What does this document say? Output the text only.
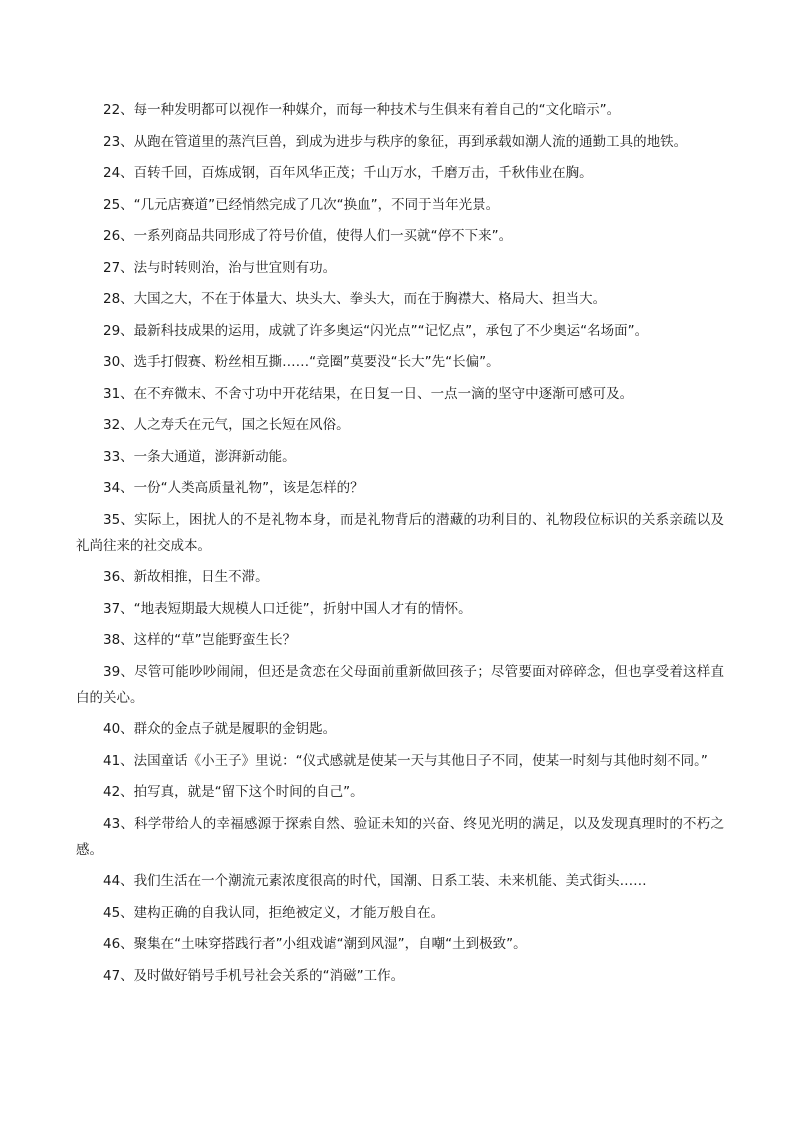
22、每一种发明都可以视作一种媒介，而每一种技术与生俱来有着自己的“文化暗示”。

23、从跑在管道里的蒸汽巨兽，到成为进步与秩序的象征，再到承载如潮人流的通勤工具的地铁。

24、百转千回，百炼成钢，百年风华正茂；千山万水，千磨万击，千秋伟业在胸。

25、“几元店赛道”已经悄然完成了几次“换血”，不同于当年光景。

26、一系列商品共同形成了符号价值，使得人们一买就“停不下来”。

27、法与时转则治，治与世宜则有功。

28、大国之大，不在于体量大、块头大、拳头大，而在于胸襟大、格局大、担当大。

29、最新科技成果的运用，成就了许多奥运“闪光点”“记忆点”，承包了不少奥运“名场面”。

30、选手打假赛、粉丝相互撕……“竞圈”莫要没“长大”先“长偏”。

31、在不弃微末、不舍寸功中开花结果，在日复一日、一点一滴的坚守中逐渐可感可及。

32、人之寿夭在元气，国之长短在风俗。

33、一条大通道，澎湃新动能。

34、一份“人类高质量礼物”，该是怎样的？

35、实际上，困扰人的不是礼物本身，而是礼物背后的潜藏的功利目的、礼物段位标识的关系亲疏以及礼尚往来的社交成本。

36、新故相推，日生不滞。

37、“地表短期最大规模人口迁徙”，折射中国人才有的情怀。

38、这样的“草”岂能野蛮生长？

39、尽管可能吵吵闹闹，但还是贪恋在父母面前重新做回孩子；尽管要面对碎碎念，但也享受着这样直白的关心。

40、群众的金点子就是履职的金钥匙。

41、法国童话《小王子》里说：“仪式感就是使某一天与其他日子不同，使某一时刻与其他时刻不同。”

42、拍写真，就是“留下这个时间的自己”。

43、科学带给人的幸福感源于探索自然、验证未知的兴奋、终见光明的满足，以及发现真理时的不朽之感。

44、我们生活在一个潮流元素浓度很高的时代，国潮、日系工装、未来机能、美式街头……

45、建构正确的自我认同，拒绝被定义，才能万般自在。

46、聚集在“土味穿搭践行者”小组戏谑“潮到风湿”，自嘲“土到极致”。

47、及时做好销号手机号社会关系的“消磁”工作。
